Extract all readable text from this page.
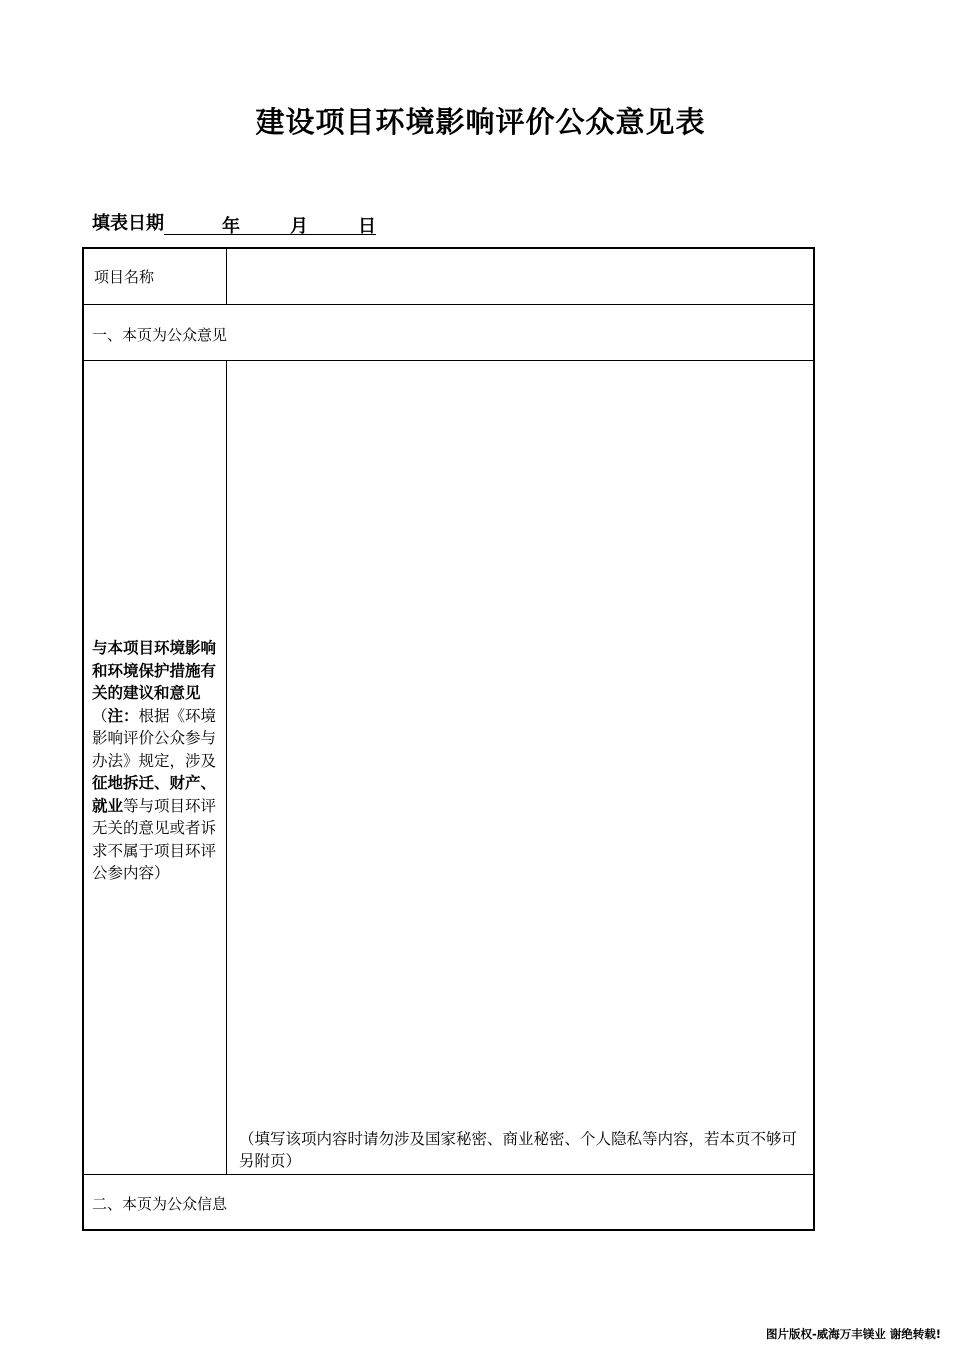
建设项目环境影响评价公众意见表
填表日期	年	月	日
项目名称
一、本页为公众意见
与本项目环境影响和环境保护措施有关的建议和意见（注：根据《环境影响评价公众参与办法》规定，涉及征地拆迁、财产、就业等与项目环评无关的意见或者诉求不属于项目环评公参内容）
（填写该项内容时请勿涉及国家秘密、商业秘密、个人隐私等内容，若本页不够可另附页）
二、本页为公众信息
图片版权-威海万丰镁业 谢绝转载!
